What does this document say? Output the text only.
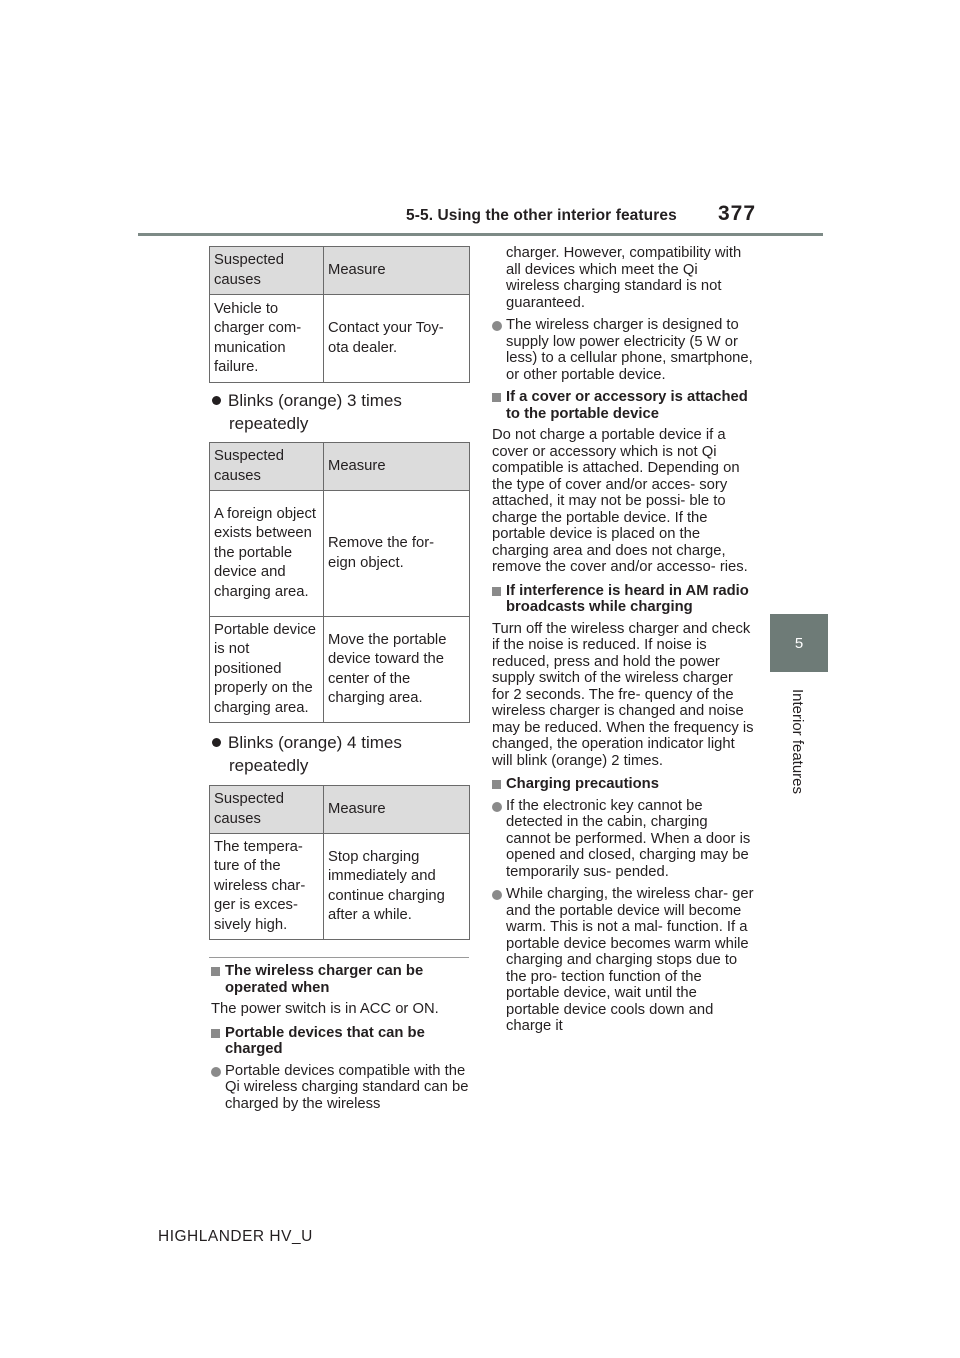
5-5. Using the other interior features 377
5
Interior features
Suspected causes	Measure
Vehicle to charger com- munication failure.	Contact your Toy- ota dealer.
Blinks (orange) 3 times
repeatedly
Suspected causes	Measure
A foreign object exists between the portable device and charging area.	Remove the for- eign object.
Portable device is not positioned properly on the charging area.	Move the portable device toward the center of the charging area.
Blinks (orange) 4 times
repeatedly
Suspected causes	Measure
The tempera- ture of the wireless char- ger is exces- sively high.	Stop charging immediately and continue charging after a while.

The wireless charger can be operated when

The power switch is in ACC or ON.

Portable devices that can be charged

Portable devices compatible with the Qi wireless charging standard can be charged by the wireless

charger. However, compatibility with all devices which meet the Qi wireless charging standard is not guaranteed.

The wireless charger is designed to supply low power electricity (5 W or less) to a cellular phone, smartphone, or other portable device.

If a cover or accessory is attached to the portable device

Do not charge a portable device if a cover or accessory which is not Qi compatible is attached. Depending on the type of cover and/or acces- sory attached, it may not be possi- ble to charge the portable device. If the portable device is placed on the charging area and does not charge, remove the cover and/or accesso- ries.

If interference is heard in AM radio broadcasts while charging

Turn off the wireless charger and check if the noise is reduced. If noise is reduced, press and hold the power supply switch of the wireless charger for 2 seconds. The fre- quency of the wireless charger is changed and noise may be reduced. When the frequency is changed, the operation indicator light will blink (orange) 2 times.

Charging precautions

If the electronic key cannot be detected in the cabin, charging cannot be performed. When a door is opened and closed, charging may be temporarily sus- pended.

While charging, the wireless char- ger and the portable device will become warm. This is not a mal- function. If a portable device becomes warm while charging and charging stops due to the pro- tection function of the portable device, wait until the portable device cools down and charge it

HIGHLANDER HV_U
